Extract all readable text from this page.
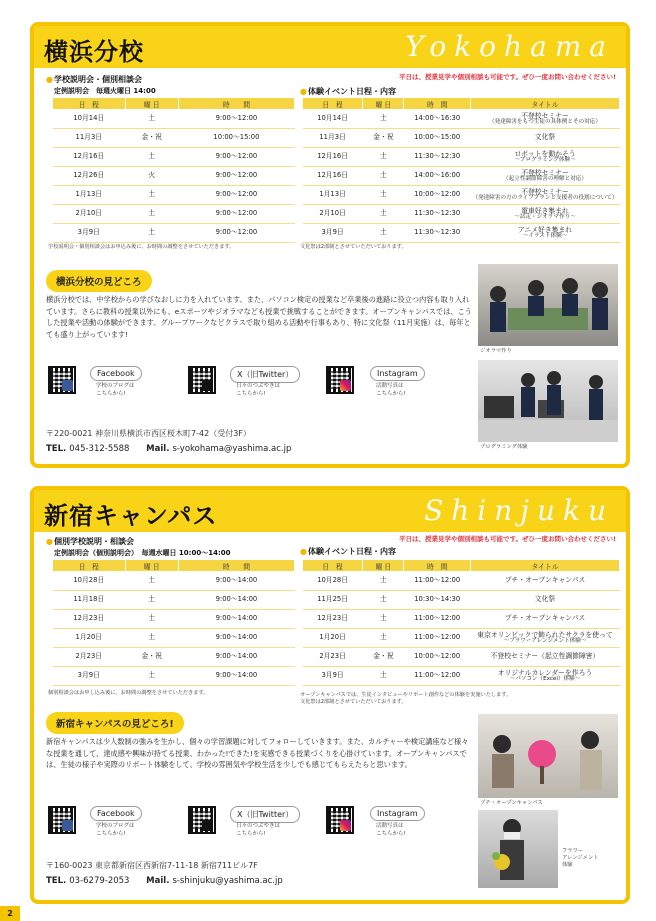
横浜分校	Yokohama
平日は、授業見学や個別相談も可能です。ぜひ一度お問い合わせください!
●学校説明会・個別相談会
定例説明会　毎週火曜日 14:00
日　程	曜 日	時　　間
10月14日	土	9:00～12:00
11月3日	金・祝	10:00～15:00
12月16日	土	9:00～12:00
12月26日	火	9:00～12:00
1月13日	土	9:00～12:00
2月10日	土	9:00～12:00
3月9日	土	9:00～12:00
学校説明会・個別相談会はお申込み後に、お時間の調整をさせていただきます。
●体験イベント日程・内容
日　程	曜 日	時　間	タイトル
10月14日	土	14:00～16:30	不登校セミナー
（発達障害をもつ生徒の具体例とその対応）

11月3日	金・祝	10:00～15:00	文化祭

12月16日	土	11:30～12:30	ロボットを動かそう
～プログラミング体験～

12月16日	土	14:00～16:00	不登校セミナー
（起立性調節障害の理解と対応）

1月13日	土	10:00～12:00	不登校セミナー
（発達障害の方のライフプランと支援者の役割について）

2月10日	土	11:30～12:30	電車好き集まれ
～試走・ジオラマ作り～

3月9日	土	11:30～12:30	アニメ好き集まれ
～イラスト体験～
文化祭は2部制とさせていただいております。
横浜分校の見どころ
横浜分校では、中学校からの学びなおしに力を入れています。また、パソコン検定の授業など卒業後の進路に役立つ内容も取り入れています。さらに教科の授業以外にも、eスポーツやジオラマなども授業で挑戦することができます。オープンキャンパスでは、こうした授業や活動の体験ができます。グループワークなどクラスで取り組める活動や行事もあり、特に文化祭（11月実施）は、毎年とても盛り上がっています!
Facebook
学校のブログは
こちらから!
X（旧Twitter）
日々のつぶやきは
こちらから!
Instagram
活動写真は
こちらから!
〒220-0021 神奈川県横浜市西区桜木町7-42（受付3F）
TEL. 045-312-5588 Mail. s-yokohama@yashima.ac.jp
ジオラマ作り
プログラミング体験
新宿キャンパス	Shinjuku
平日は、授業見学や個別相談も可能です。ぜひ一度お問い合わせください!
●個別学校説明・相談会
定例説明会（個別説明会）　毎週水曜日 10:00～14:00
日　程	曜 日	時　　間
10月28日	土	9:00～14:00
11月18日	土	9:00～14:00
12月23日	土	9:00～14:00
1月20日	土	9:00～14:00
2月23日	金・祝	9:00～14:00
3月9日	土	9:00～14:00
個別相談会はお申し込み後に、お時間の調整をさせていただきます。
●体験イベント日程・内容
日　程	曜 日	時　間	タイトル
10月28日	土	11:00～12:00	プチ・オープンキャンパス

11月25日	土	10:30～14:30	文化祭

12月23日	土	11:00～12:00	プチ・オープンキャンパス

1月20日	土	11:00～12:00	東京オリンピックで飾られたサクラを使って
～フラワーアレンジメント体験～

2月23日	金・祝	10:00～12:00	不登校セミナー（起立性調節障害）

3月9日	土	11:00～12:00	オリジナルカレンダーを作ろう
～パソコン（Excel）体験～
オープンキャンパスでは、生徒インタビューやリポート創作などの体験を実施いたします。
文化祭は2部制とさせていただいております。
新宿キャンパスの見どころ!
新宿キャンパスは少人数制の強みを生かし、個々の学習課題に対してフォローしていきます。また、カルチャーや検定講座など様々な授業を通して、達成感や興味が持てる授業、わかった!できた!を実感できる授業づくりを心掛けています。オープンキャンパスでは、生徒の様子や実際のリポート体験をして、学校の雰囲気や学校生活を少しでも感じてもらえたらと思います。
Facebook
学校のブログは
こちらから!
X（旧Twitter）
日々のつぶやきは
こちらから!
Instagram
活動写真は
こちらから!
〒160-0023 東京都新宿区西新宿7-11-18 新宿711ビル7F
TEL. 03-6279-2053 Mail. s-shinjuku@yashima.ac.jp
プチ・オープンキャンパス
フラワー
アレンジメント
体験
2
